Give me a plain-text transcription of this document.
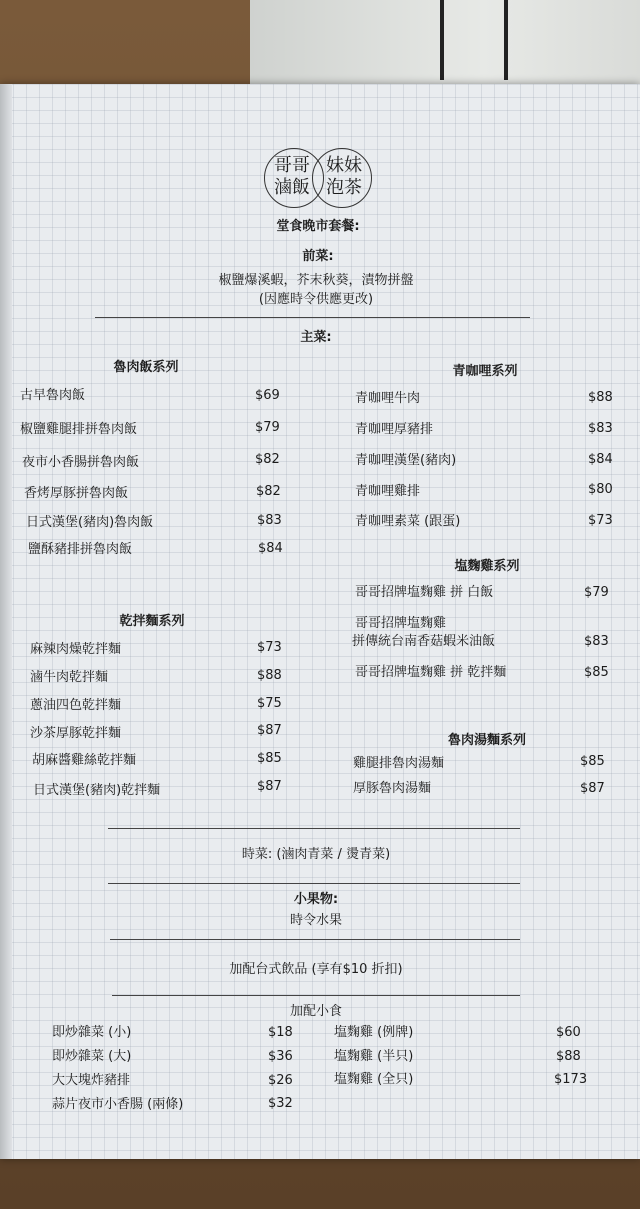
哥哥
滷飯
妹妹
泡茶
堂食晚市套餐:
前菜:
椒鹽爆溪蝦，芥末秋葵，漬物拼盤
(因應時令供應更改)
主菜:
魯肉飯系列
古早魯肉飯	$69
椒鹽雞腿排拼魯肉飯	$79
夜市小香腸拼魯肉飯	$82
香烤厚豚拼魯肉飯	$82
日式漢堡(豬肉)魯肉飯	$83
鹽酥豬排拼魯肉飯	$84
乾拌麵系列
麻辣肉燥乾拌麵	$73
滷牛肉乾拌麵	$88
蔥油四色乾拌麵	$75
沙茶厚豚乾拌麵	$87
胡麻醬雞絲乾拌麵	$85
日式漢堡(豬肉)乾拌麵	$87
青咖哩系列
青咖哩牛肉	$88
青咖哩厚豬排	$83
青咖哩漢堡(豬肉)	$84
青咖哩雞排	$80
青咖哩素菜 (跟蛋)	$73
塩麴雞系列
哥哥招牌塩麴雞 拼 白飯	$79
哥哥招牌塩麴雞
拼傳統台南香菇蝦米油飯	$83
哥哥招牌塩麴雞 拼 乾拌麵	$85
魯肉湯麵系列
雞腿排魯肉湯麵	$85
厚豚魯肉湯麵	$87
時菜: (滷肉青菜 / 燙青菜)
小果物:
時令水果
加配台式飲品 (享有$10 折扣)
加配小食
即炒雜菜 (小)	$18
即炒雜菜 (大)	$36
大大塊炸豬排	$26
蒜片夜市小香腸 (兩條)	$32
塩麴雞 (例牌)	$60
塩麴雞 (半只)	$88
塩麴雞 (全只)	$173
